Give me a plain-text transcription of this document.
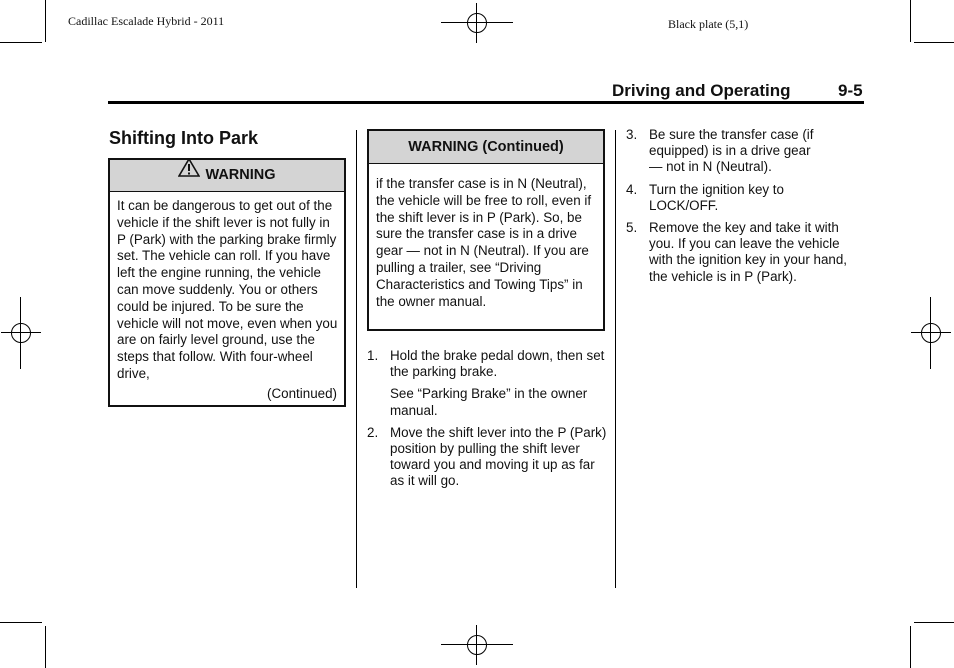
Cadillac Escalade Hybrid - 2011	Black plate (5,1)
Driving and Operating	9-5
Shifting Into Park
WARNING
It can be dangerous to get out of the vehicle if the shift lever is not fully in P (Park) with the parking brake firmly set. The vehicle can roll. If you have left the engine running, the vehicle can move suddenly. You or others could be injured. To be sure the vehicle will not move, even when you are on fairly level ground, use the steps that follow. With four-wheel drive,
(Continued)
WARNING (Continued)
if the transfer case is in N (Neutral), the vehicle will be free to roll, even if the shift lever is in P (Park). So, be sure the transfer case is in a drive gear — not in N (Neutral). If you are pulling a trailer, see “Driving Characteristics and Towing Tips” in the owner manual.
1. Hold the brake pedal down, then set the parking brake.
See “Parking Brake” in the owner manual.
2. Move the shift lever into the P (Park) position by pulling the shift lever toward you and moving it up as far as it will go.
3. Be sure the transfer case (if equipped) is in a drive gear — not in N (Neutral).
4. Turn the ignition key to LOCK/OFF.
5. Remove the key and take it with you. If you can leave the vehicle with the ignition key in your hand, the vehicle is in P (Park).
